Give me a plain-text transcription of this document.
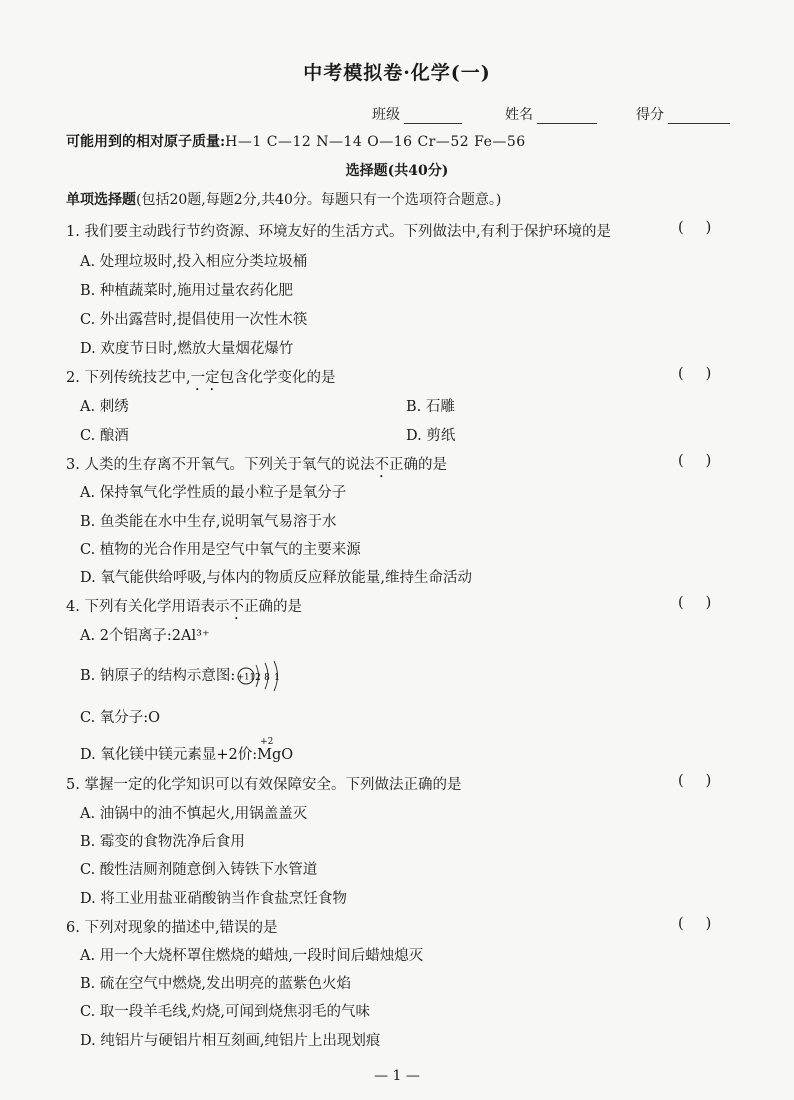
中考模拟卷·化学(一)
班级	姓名	得分
可能用到的相对原子质量:H—1 C—12 N—14 O—16 Cr—52 Fe—56
选择题(共40分)
单项选择题(包括20题,每题2分,共40分。每题只有一个选项符合题意。)
1. 我们要主动践行节约资源、环境友好的生活方式。下列做法中,有利于保护环境的是	()
A. 处理垃圾时,投入相应分类垃圾桶
B. 种植蔬菜时,施用过量农药化肥
C. 外出露营时,提倡使用一次性木筷
D. 欢度节日时,燃放大量烟花爆竹
2. 下列传统技艺中,一定包含化学变化的是	()
A. 刺绣	B. 石雕
C. 酿酒	D. 剪纸
3. 人类的生存离不开氧气。下列关于氧气的说法不正确的是	()
A. 保持氧气化学性质的最小粒子是氧分子
B. 鱼类能在水中生存,说明氧气易溶于水
C. 植物的光合作用是空气中氧气的主要来源
D. 氧气能供给呼吸,与体内的物质反应释放能量,维持生命活动
4. 下列有关化学用语表示不正确的是	()
A. 2个铝离子:2Al³⁺
B. 钠原子的结构示意图: +11 2 8 1
C. 氧分子:O
D. 氧化镁中镁元素显+2价:
+2
MgO
5. 掌握一定的化学知识可以有效保障安全。下列做法正确的是	()
A. 油锅中的油不慎起火,用锅盖盖灭
B. 霉变的食物洗净后食用
C. 酸性洁厕剂随意倒入铸铁下水管道
D. 将工业用盐亚硝酸钠当作食盐烹饪食物
6. 下列对现象的描述中,错误的是	()
A. 用一个大烧杯罩住燃烧的蜡烛,一段时间后蜡烛熄灭
B. 硫在空气中燃烧,发出明亮的蓝紫色火焰
C. 取一段羊毛线,灼烧,可闻到烧焦羽毛的气味
D. 纯铝片与硬铝片相互刻画,纯铝片上出现划痕
— 1 —
